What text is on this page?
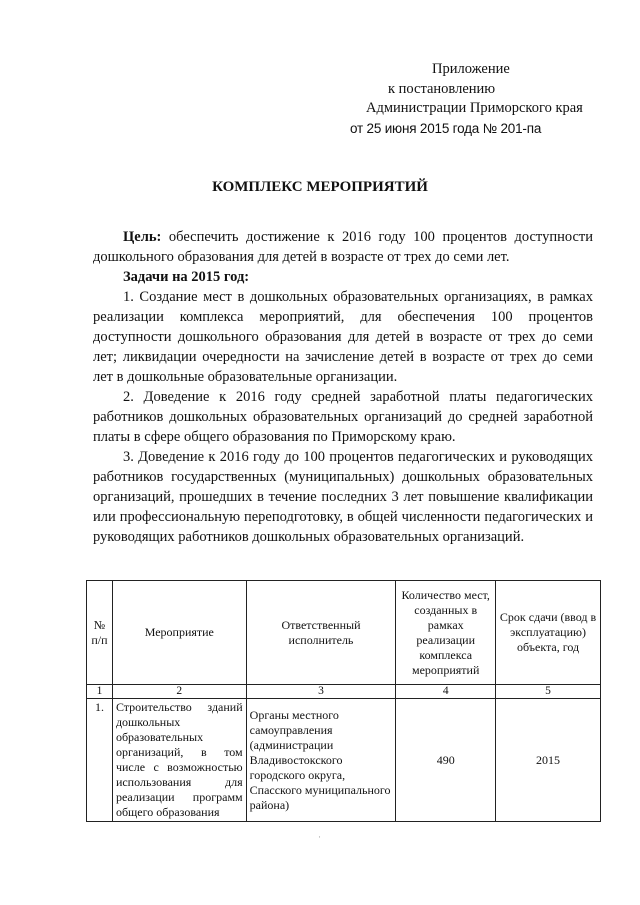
Приложение
к постановлению
Администрации Приморского края
от 25 июня 2015 года № 201-па
КОМПЛЕКС МЕРОПРИЯТИЙ

Цель: обеспечить достижение к 2016 году 100 процентов доступности дошкольного образования для детей в возрасте от трех до семи лет.

Задачи на 2015 год:

1. Создание мест в дошкольных образовательных организациях, в рамках реализации комплекса мероприятий, для обеспечения 100 процентов доступности дошкольного образования для детей в возрасте от трех до семи лет; ликвидации очередности на зачисление детей в возрасте от трех до семи лет в дошкольные образовательные организации.

2. Доведение к 2016 году средней заработной платы педагогических работников дошкольных образовательных организаций до средней заработной платы в сфере общего образования по Приморскому краю.

3. Доведение к 2016 году до 100 процентов педагогических и руководящих работников государственных (муниципальных) дошкольных образовательных организаций, прошедших в течение последних 3 лет повышение квалификации или профессиональную переподготовку, в общей численности педагогических и руководящих работников дошкольных образовательных организаций.

№ п/п	Мероприятие	Ответственный исполнитель	Количество мест, созданных в рамках реализации комплекса мероприятий	Срок сдачи (ввод в эксплуатацию) объекта, год
1	2	3	4	5
1.	Строительство зданий дошкольных образовательных организаций, в том числе с возможностью использования для реализации программ общего образования	Органы местного самоуправления (администрации Владивостокского городского округа, Спасского муниципального района)	490	2015
·
